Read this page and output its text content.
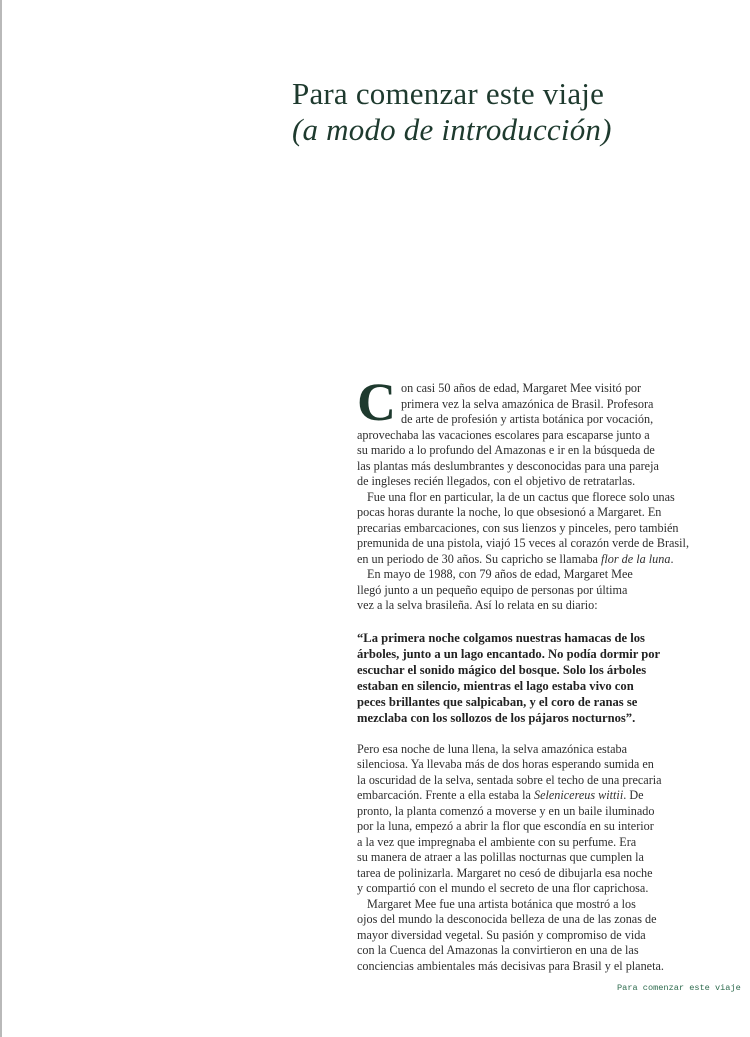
Para comenzar este viaje
(a modo de introducción)
C on casi 50 años de edad, Margaret Mee visitó por
primera vez la selva amazónica de Brasil. Profesora
de arte de profesión y artista botánica por vocación,
aprovechaba las vacaciones escolares para escaparse junto a
su marido a lo profundo del Amazonas e ir en la búsqueda de
las plantas más deslumbrantes y desconocidas para una pareja
de ingleses recién llegados, con el objetivo de retratarlas.
Fue una flor en particular, la de un cactus que florece solo unas
pocas horas durante la noche, lo que obsesionó a Margaret. En
precarias embarcaciones, con sus lienzos y pinceles, pero también
premunida de una pistola, viajó 15 veces al corazón verde de Brasil,
en un periodo de 30 años. Su capricho se llamaba flor de la luna.
En mayo de 1988, con 79 años de edad, Margaret Mee
llegó junto a un pequeño equipo de personas por última
vez a la selva brasileña. Así lo relata en su diario:
“La primera noche colgamos nuestras hamacas de los
árboles, junto a un lago encantado. No podía dormir por
escuchar el sonido mágico del bosque. Solo los árboles
estaban en silencio, mientras el lago estaba vivo con
peces brillantes que salpicaban, y el coro de ranas se
mezclaba con los sollozos de los pájaros nocturnos”.
Pero esa noche de luna llena, la selva amazónica estaba
silenciosa. Ya llevaba más de dos horas esperando sumida en
la oscuridad de la selva, sentada sobre el techo de una precaria
embarcación. Frente a ella estaba la Selenicereus wittii. De
pronto, la planta comenzó a moverse y en un baile iluminado
por la luna, empezó a abrir la flor que escondía en su interior
a la vez que impregnaba el ambiente con su perfume. Era
su manera de atraer a las polillas nocturnas que cumplen la
tarea de polinizarla. Margaret no cesó de dibujarla esa noche
y compartió con el mundo el secreto de una flor caprichosa.
Margaret Mee fue una artista botánica que mostró a los
ojos del mundo la desconocida belleza de una de las zonas de
mayor diversidad vegetal. Su pasión y compromiso de vida
con la Cuenca del Amazonas la convirtieron en una de las
conciencias ambientales más decisivas para Brasil y el planeta.
Para comenzar este viaje
